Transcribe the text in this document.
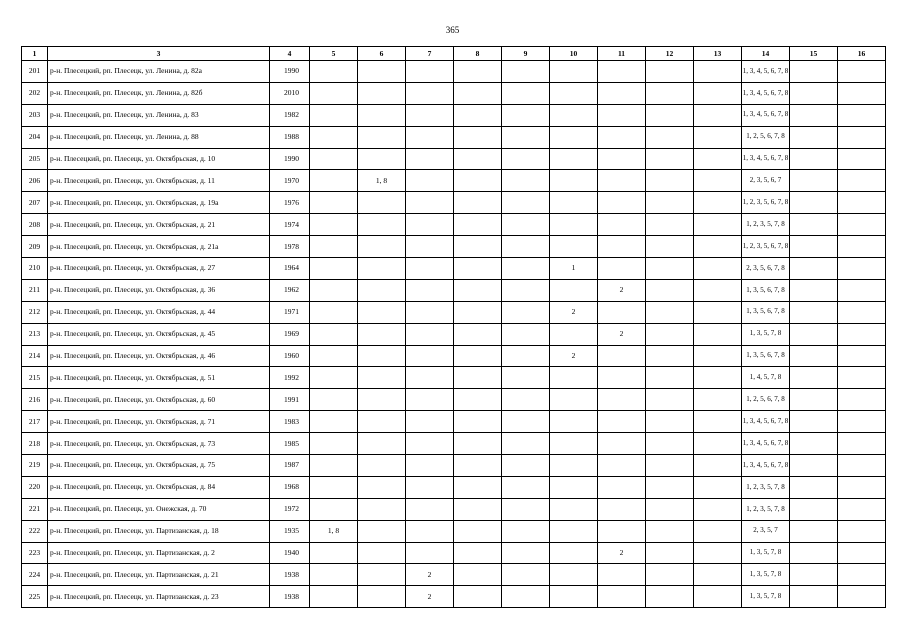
365
1	3	4	5	6	7	8	9	10	11	12	13	14	15	16
201	р-н. Плесецкий, рп. Плесецк, ул. Ленина, д. 82а	1990										1, 3, 4, 5, 6, 7, 8		
202	р-н. Плесецкий, рп. Плесецк, ул. Ленина, д. 82б	2010										1, 3, 4, 5, 6, 7, 8		
203	р-н. Плесецкий, рп. Плесецк, ул. Ленина, д. 83	1982										1, 3, 4, 5, 6, 7, 8		
204	р-н. Плесецкий, рп. Плесецк, ул. Ленина, д. 88	1988										1, 2, 5, 6, 7, 8		
205	р-н. Плесецкий, рп. Плесецк, ул. Октябрьская, д. 10	1990										1, 3, 4, 5, 6, 7, 8		
206	р-н. Плесецкий, рп. Плесецк, ул. Октябрьская, д. 11	1970		1, 8								2, 3, 5, 6, 7		
207	р-н. Плесецкий, рп. Плесецк, ул. Октябрьская, д. 19а	1976										1, 2, 3, 5, 6, 7, 8		
208	р-н. Плесецкий, рп. Плесецк, ул. Октябрьская, д. 21	1974										1, 2, 3, 5, 7, 8		
209	р-н. Плесецкий, рп. Плесецк, ул. Октябрьская, д. 21а	1978										1, 2, 3, 5, 6, 7, 8		
210	р-н. Плесецкий, рп. Плесецк, ул. Октябрьская, д. 27	1964						1				2, 3, 5, 6, 7, 8		
211	р-н. Плесецкий, рп. Плесецк, ул. Октябрьская, д. 36	1962							2			1, 3, 5, 6, 7, 8		
212	р-н. Плесецкий, рп. Плесецк, ул. Октябрьская, д. 44	1971						2				1, 3, 5, 6, 7, 8		
213	р-н. Плесецкий, рп. Плесецк, ул. Октябрьская, д. 45	1969							2			1, 3, 5, 7, 8		
214	р-н. Плесецкий, рп. Плесецк, ул. Октябрьская, д. 46	1960						2				1, 3, 5, 6, 7, 8		
215	р-н. Плесецкий, рп. Плесецк, ул. Октябрьская, д. 51	1992										1, 4, 5, 7, 8		
216	р-н. Плесецкий, рп. Плесецк, ул. Октябрьская, д. 60	1991										1, 2, 5, 6, 7, 8		
217	р-н. Плесецкий, рп. Плесецк, ул. Октябрьская, д. 71	1983										1, 3, 4, 5, 6, 7, 8		
218	р-н. Плесецкий, рп. Плесецк, ул. Октябрьская, д. 73	1985										1, 3, 4, 5, 6, 7, 8		
219	р-н. Плесецкий, рп. Плесецк, ул. Октябрьская, д. 75	1987										1, 3, 4, 5, 6, 7, 8		
220	р-н. Плесецкий, рп. Плесецк, ул. Октябрьская, д. 84	1968										1, 2, 3, 5, 7, 8		
221	р-н. Плесецкий, рп. Плесецк, ул. Онежская, д. 70	1972										1, 2, 3, 5, 7, 8		
222	р-н. Плесецкий, рп. Плесецк, ул. Партизанская, д. 18	1935	1, 8									2, 3, 5, 7		
223	р-н. Плесецкий, рп. Плесецк, ул. Партизанская, д. 2	1940							2			1, 3, 5, 7, 8		
224	р-н. Плесецкий, рп. Плесецк, ул. Партизанская, д. 21	1938			2							1, 3, 5, 7, 8		
225	р-н. Плесецкий, рп. Плесецк, ул. Партизанская, д. 23	1938			2							1, 3, 5, 7, 8		
